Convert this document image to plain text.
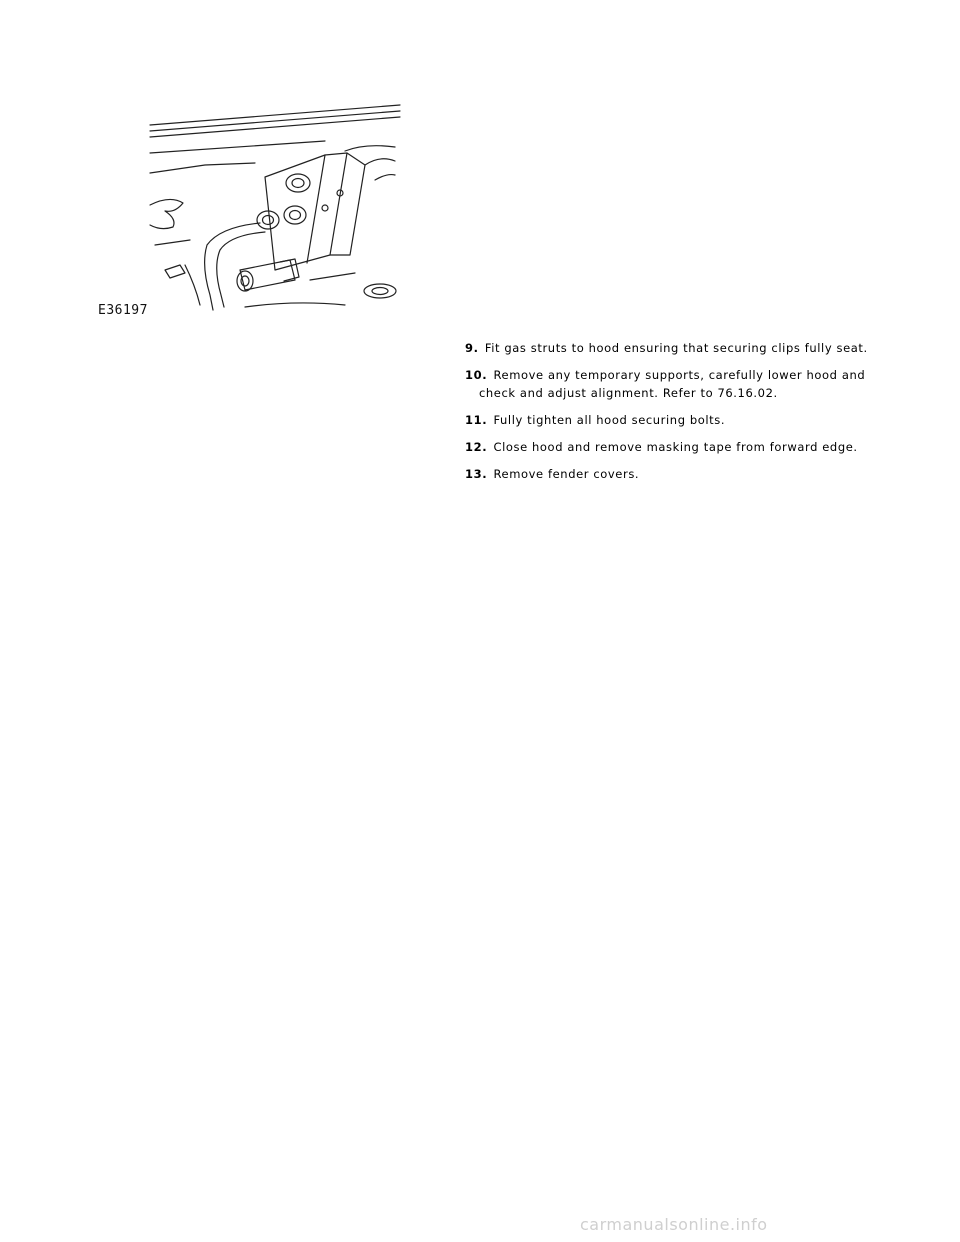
E36197
9. Fit gas struts to hood ensuring that securing clips fully seat.
10. Remove any temporary supports, carefully lower hood and check and adjust alignment. Refer to 76.16.02.
11. Fully tighten all hood securing bolts.
12. Close hood and remove masking tape from forward edge.
13. Remove fender covers.
carmanualsonline.info
